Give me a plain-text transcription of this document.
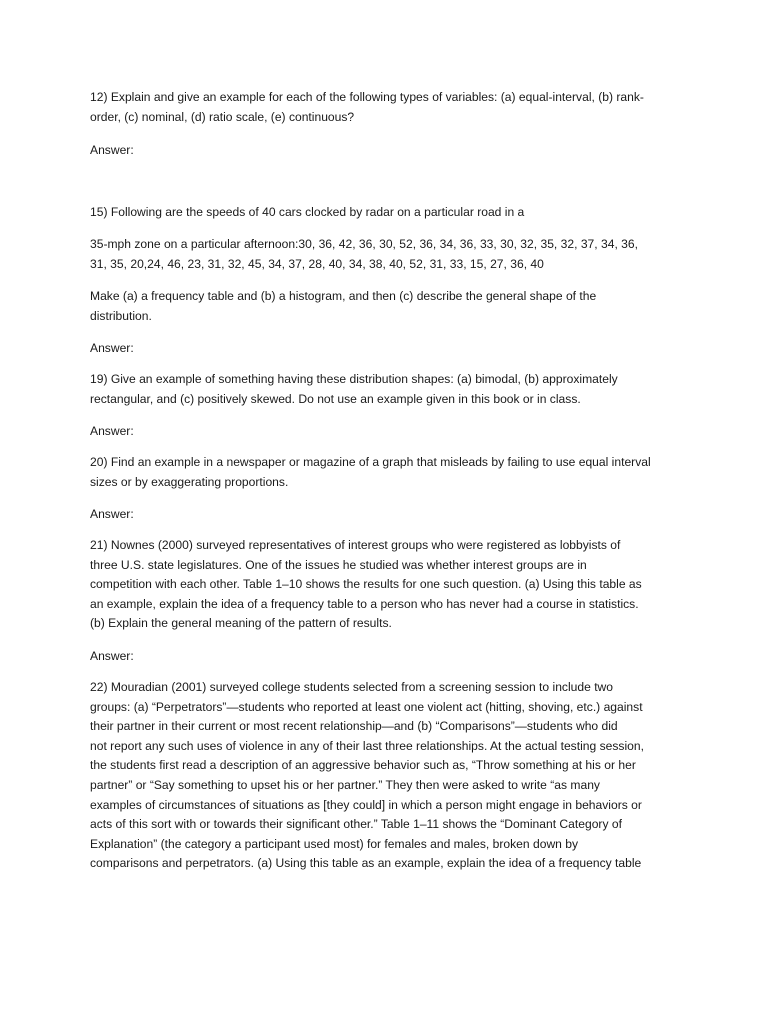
12) Explain and give an example for each of the following types of variables: (a) equal-interval, (b) rank-
order, (c) nominal, (d) ratio scale, (e) continuous?
Answer:
15) Following are the speeds of 40 cars clocked by radar on a particular road in a
35-mph zone on a particular afternoon:30, 36, 42, 36, 30, 52, 36, 34, 36, 33, 30, 32, 35, 32, 37, 34, 36,
31, 35, 20,24, 46, 23, 31, 32, 45, 34, 37, 28, 40, 34, 38, 40, 52, 31, 33, 15, 27, 36, 40
Make (a) a frequency table and (b) a histogram, and then (c) describe the general shape of the
distribution.
Answer:
19) Give an example of something having these distribution shapes: (a) bimodal, (b) approximately
rectangular, and (c) positively skewed. Do not use an example given in this book or in class.
Answer:
20) Find an example in a newspaper or magazine of a graph that misleads by failing to use equal interval
sizes or by exaggerating proportions.
Answer:
21) Nownes (2000) surveyed representatives of interest groups who were registered as lobbyists of
three U.S. state legislatures. One of the issues he studied was whether interest groups are in
competition with each other. Table 1–10 shows the results for one such question. (a) Using this table as
an example, explain the idea of a frequency table to a person who has never had a course in statistics.
(b) Explain the general meaning of the pattern of results.
Answer:
22) Mouradian (2001) surveyed college students selected from a screening session to include two
groups: (a) “Perpetrators”—students who reported at least one violent act (hitting, shoving, etc.) against
their partner in their current or most recent relationship—and (b) “Comparisons”—students who did
not report any such uses of violence in any of their last three relationships. At the actual testing session,
the students first read a description of an aggressive behavior such as, “Throw something at his or her
partner” or “Say something to upset his or her partner.” They then were asked to write “as many
examples of circumstances of situations as [they could] in which a person might engage in behaviors or
acts of this sort with or towards their significant other.” Table 1–11 shows the “Dominant Category of
Explanation” (the category a participant used most) for females and males, broken down by
comparisons and perpetrators. (a) Using this table as an example, explain the idea of a frequency table
